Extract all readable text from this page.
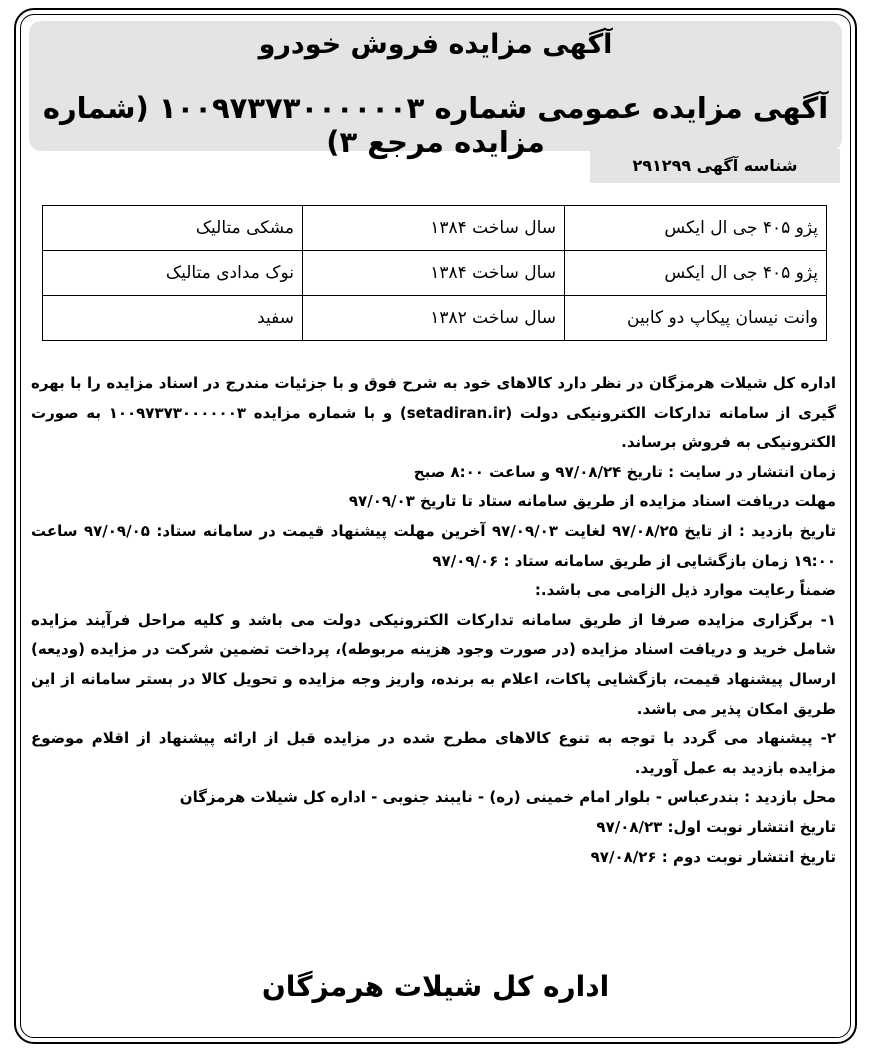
آگهی مزایده فروش خودرو
آگهی مزایده عمومی شماره ۱۰۰۹۷۳۷۳۰۰۰۰۰۰۳ (شماره مزایده مرجع ۳)
شناسه آگهی ۲۹۱۲۹۹
پژو ۴۰۵ جی ال ایکس	سال ساخت ۱۳۸۴	مشکی متالیک
پژو ۴۰۵ جی ال ایکس	سال ساخت ۱۳۸۴	نوک مدادی متالیک
وانت نیسان پیکاپ دو کابین	سال ساخت ۱۳۸۲	سفید

اداره کل شیلات هرمزگان در نظر دارد کالاهای خود به شرح فوق و با جزئیات مندرج در اسناد مزایده را با بهره گیری از سامانه تدارکات الکترونیکی دولت (setadiran.ir) و با شماره مزایده ۱۰۰۹۷۳۷۳۰۰۰۰۰۰۳ به صورت الکترونیکی به فروش برساند.

زمان انتشار در سایت : تاریخ ۹۷/۰۸/۲۴ و ساعت ۸:۰۰ صبح

مهلت دریافت اسناد مزایده از طریق سامانه ستاد تا تاریخ ۹۷/۰۹/۰۳

تاریخ بازدید : از تایخ ۹۷/۰۸/۲۵ لغایت ۹۷/۰۹/۰۳ آخرین مهلت پیشنهاد قیمت در سامانه ستاد: ۹۷/۰۹/۰۵ ساعت ۱۹:۰۰ زمان بازگشایی از طریق سامانه ستاد : ۹۷/۰۹/۰۶

ضمناً رعایت موارد ذیل الزامی می باشد.:

۱- برگزاری مزایده صرفا از طریق سامانه تدارکات الکترونیکی دولت می باشد و کلیه مراحل فرآیند مزایده شامل خرید و دریافت اسناد مزایده (در صورت وجود هزینه مربوطه)، پرداخت تضمین شرکت در مزایده (ودیعه) ارسال پیشنهاد قیمت، بازگشایی پاکات، اعلام به برنده، واریز وجه مزایده و تحویل کالا در بستر سامانه از این طریق امکان پذیر می باشد.

۲- پیشنهاد می گردد با توجه به تنوع کالاهای مطرح شده در مزایده قبل از ارائه پیشنهاد از اقلام موضوع مزایده بازدید به عمل آورید.

محل بازدید : بندرعباس - بلوار امام خمینی (ره) - نایبند جنوبی - اداره کل شیلات هرمزگان

تاریخ انتشار نوبت اول: ۹۷/۰۸/۲۳

تاریخ انتشار نوبت دوم : ۹۷/۰۸/۲۶

اداره کل شیلات هرمزگان
